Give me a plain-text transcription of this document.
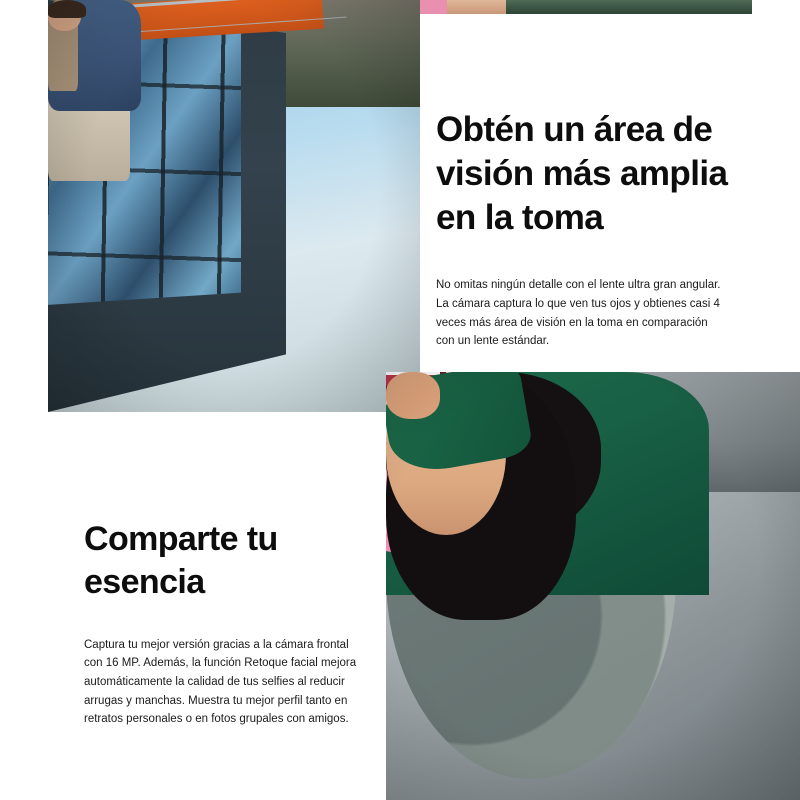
Obtén un área de visión más amplia en la toma

No omitas ningún detalle con el lente ultra gran angular. La cámara captura lo que ven tus ojos y obtienes casi 4 veces más área de visión en la toma en comparación con un lente estándar.

Comparte tu esencia

Captura tu mejor versión gracias a la cámara frontal con 16 MP. Además, la función Retoque facial mejora automáticamente la calidad de tus selfies al reducir arrugas y manchas. Muestra tu mejor perfil tanto en retratos personales o en fotos grupales con amigos.
